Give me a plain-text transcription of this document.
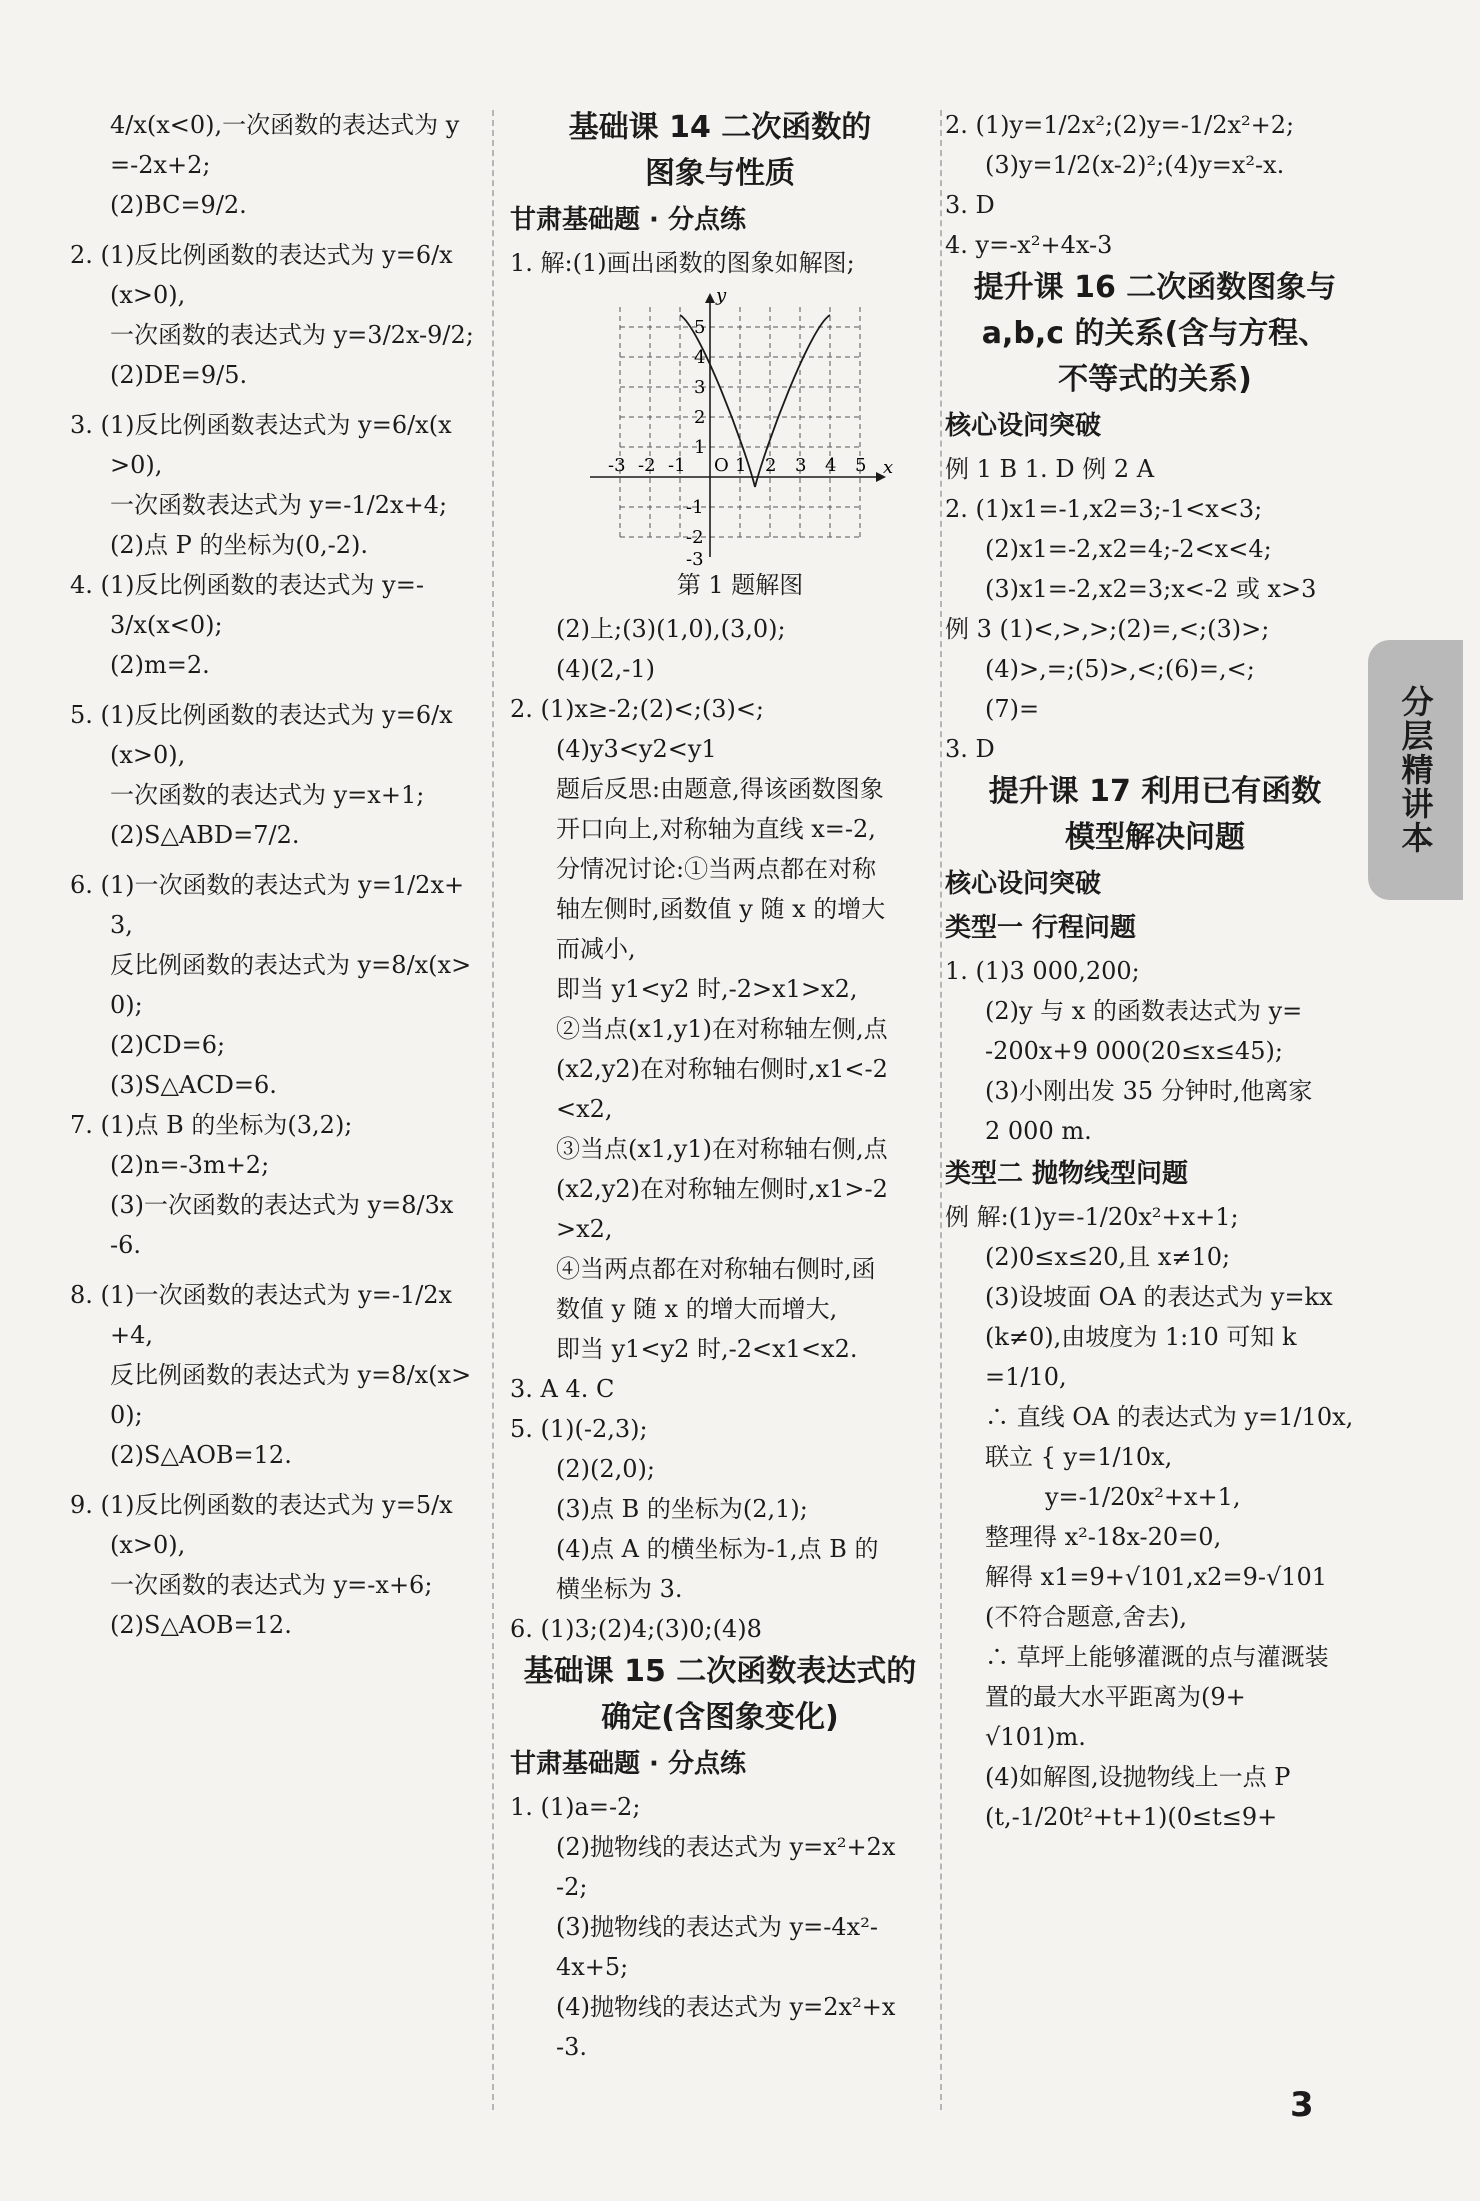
4/x(x<0),一次函数的表达式为 y

=-2x+2;

(2)BC=9/2.

2. (1)反比例函数的表达式为 y=6/x

(x>0),

一次函数的表达式为 y=3/2x-9/2;

(2)DE=9/5.

3. (1)反比例函数表达式为 y=6/x(x

>0),

一次函数表达式为 y=-1/2x+4;

(2)点 P 的坐标为(0,-2).

4. (1)反比例函数的表达式为 y=-

3/x(x<0);

(2)m=2.

5. (1)反比例函数的表达式为 y=6/x

(x>0),

一次函数的表达式为 y=x+1;

(2)S△ABD=7/2.

6. (1)一次函数的表达式为 y=1/2x+

3,

反比例函数的表达式为 y=8/x(x>

0);

(2)CD=6;

(3)S△ACD=6.

7. (1)点 B 的坐标为(3,2);

(2)n=-3m+2;

(3)一次函数的表达式为 y=8/3x

-6.

8. (1)一次函数的表达式为 y=-1/2x

+4,

反比例函数的表达式为 y=8/x(x>

0);

(2)S△AOB=12.

9. (1)反比例函数的表达式为 y=5/x

(x>0),

一次函数的表达式为 y=-x+6;

(2)S△AOB=12.

基础课 14 二次函数的

图象与性质

甘肃基础题 · 分点练

1. 解:(1)画出函数的图象如解图;

x
y
O
-3 -2 -1	1 2 3 4 5
5
4
3
2
1
-1
-2
-3

第 1 题解图

(2)上;(3)(1,0),(3,0);

(4)(2,-1)

2. (1)x≥-2;(2)<;(3)<;

(4)y3<y2<y1

题后反思:由题意,得该函数图象

开口向上,对称轴为直线 x=-2,

分情况讨论:①当两点都在对称

轴左侧时,函数值 y 随 x 的增大

而减小,

即当 y1<y2 时,-2>x1>x2,

②当点(x1,y1)在对称轴左侧,点

(x2,y2)在对称轴右侧时,x1<-2

<x2,

③当点(x1,y1)在对称轴右侧,点

(x2,y2)在对称轴左侧时,x1>-2

>x2,

④当两点都在对称轴右侧时,函

数值 y 随 x 的增大而增大,

即当 y1<y2 时,-2<x1<x2.

3. A 4. C

5. (1)(-2,3);

(2)(2,0);

(3)点 B 的坐标为(2,1);

(4)点 A 的横坐标为-1,点 B 的

横坐标为 3.

6. (1)3;(2)4;(3)0;(4)8

基础课 15 二次函数表达式的

确定(含图象变化)

甘肃基础题 · 分点练

1. (1)a=-2;

(2)抛物线的表达式为 y=x²+2x

-2;

(3)抛物线的表达式为 y=-4x²-

4x+5;

(4)抛物线的表达式为 y=2x²+x

-3.

2. (1)y=1/2x²;(2)y=-1/2x²+2;

(3)y=1/2(x-2)²;(4)y=x²-x.

3. D

4. y=-x²+4x-3

提升课 16 二次函数图象与

a,b,c 的关系(含与方程、

不等式的关系)

核心设问突破

例 1 B 1. D 例 2 A

2. (1)x1=-1,x2=3;-1<x<3;

(2)x1=-2,x2=4;-2<x<4;

(3)x1=-2,x2=3;x<-2 或 x>3

例 3 (1)<,>,>;(2)=,<;(3)>;

(4)>,=;(5)>,<;(6)=,<;

(7)=

3. D

提升课 17 利用已有函数

模型解决问题

核心设问突破

类型一 行程问题

1. (1)3 000,200;

(2)y 与 x 的函数表达式为 y=

-200x+9 000(20≤x≤45);

(3)小刚出发 35 分钟时,他离家

2 000 m.

类型二 抛物线型问题

例 解:(1)y=-1/20x²+x+1;

(2)0≤x≤20,且 x≠10;

(3)设坡面 OA 的表达式为 y=kx

(k≠0),由坡度为 1:10 可知 k

=1/10,

∴ 直线 OA 的表达式为 y=1/10x,

联立 { y=1/10x,

y=-1/20x²+x+1,

整理得 x²-18x-20=0,

解得 x1=9+√101,x2=9-√101

(不符合题意,舍去),

∴ 草坪上能够灌溉的点与灌溉装

置的最大水平距离为(9+

√101)m.

(4)如解图,设抛物线上一点 P

(t,-1/20t²+t+1)(0≤t≤9+

分层精讲本
3
